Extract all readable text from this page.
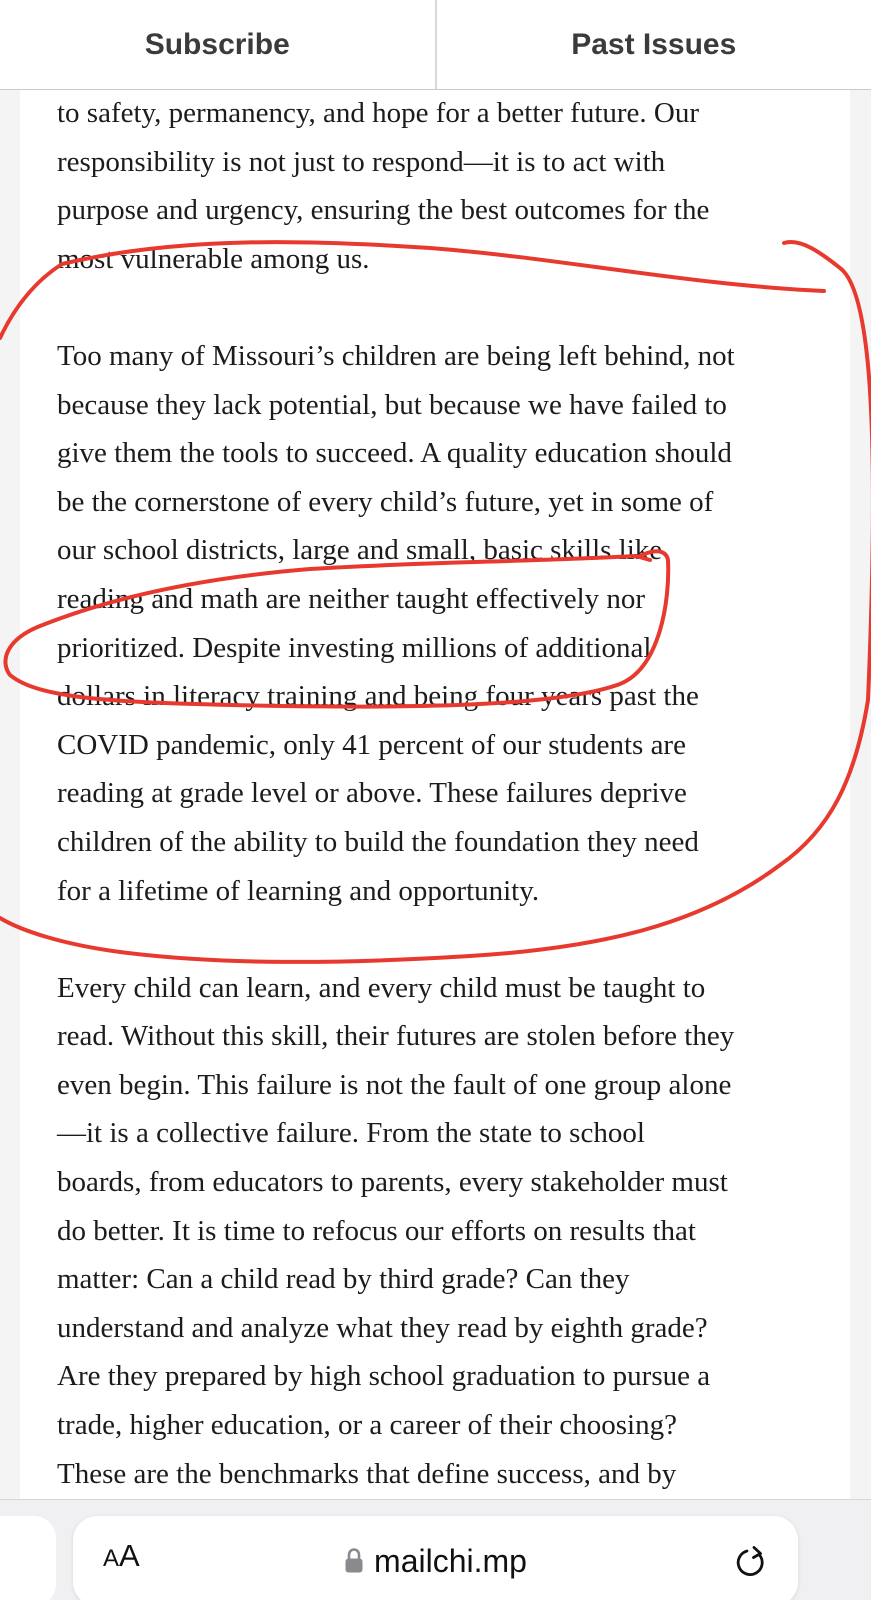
Subscribe	Past Issues

to safety, permanency, and hope for a better future. Our
responsibility is not just to respond—it is to act with
purpose and urgency, ensuring the best outcomes for the
most vulnerable among us.

Too many of Missouri’s children are being left behind, not
because they lack potential, but because we have failed to
give them the tools to succeed. A quality education should
be the cornerstone of every child’s future, yet in some of
our school districts, large and small, basic skills like
reading and math are neither taught effectively nor
prioritized. Despite investing millions of additional
dollars in literacy training and being four years past the
COVID pandemic, only 41 percent of our students are
reading at grade level or above. These failures deprive
children of the ability to build the foundation they need
for a lifetime of learning and opportunity.

Every child can learn, and every child must be taught to
read. Without this skill, their futures are stolen before they
even begin. This failure is not the fault of one group alone
—it is a collective failure. From the state to school
boards, from educators to parents, every stakeholder must
do better. It is time to refocus our efforts on results that
matter: Can a child read by third grade? Can they
understand and analyze what they read by eighth grade?
Are they prepared by high school graduation to pursue a
trade, higher education, or a career of their choosing?
These are the benchmarks that define success, and by

A A	mailchi.mp
